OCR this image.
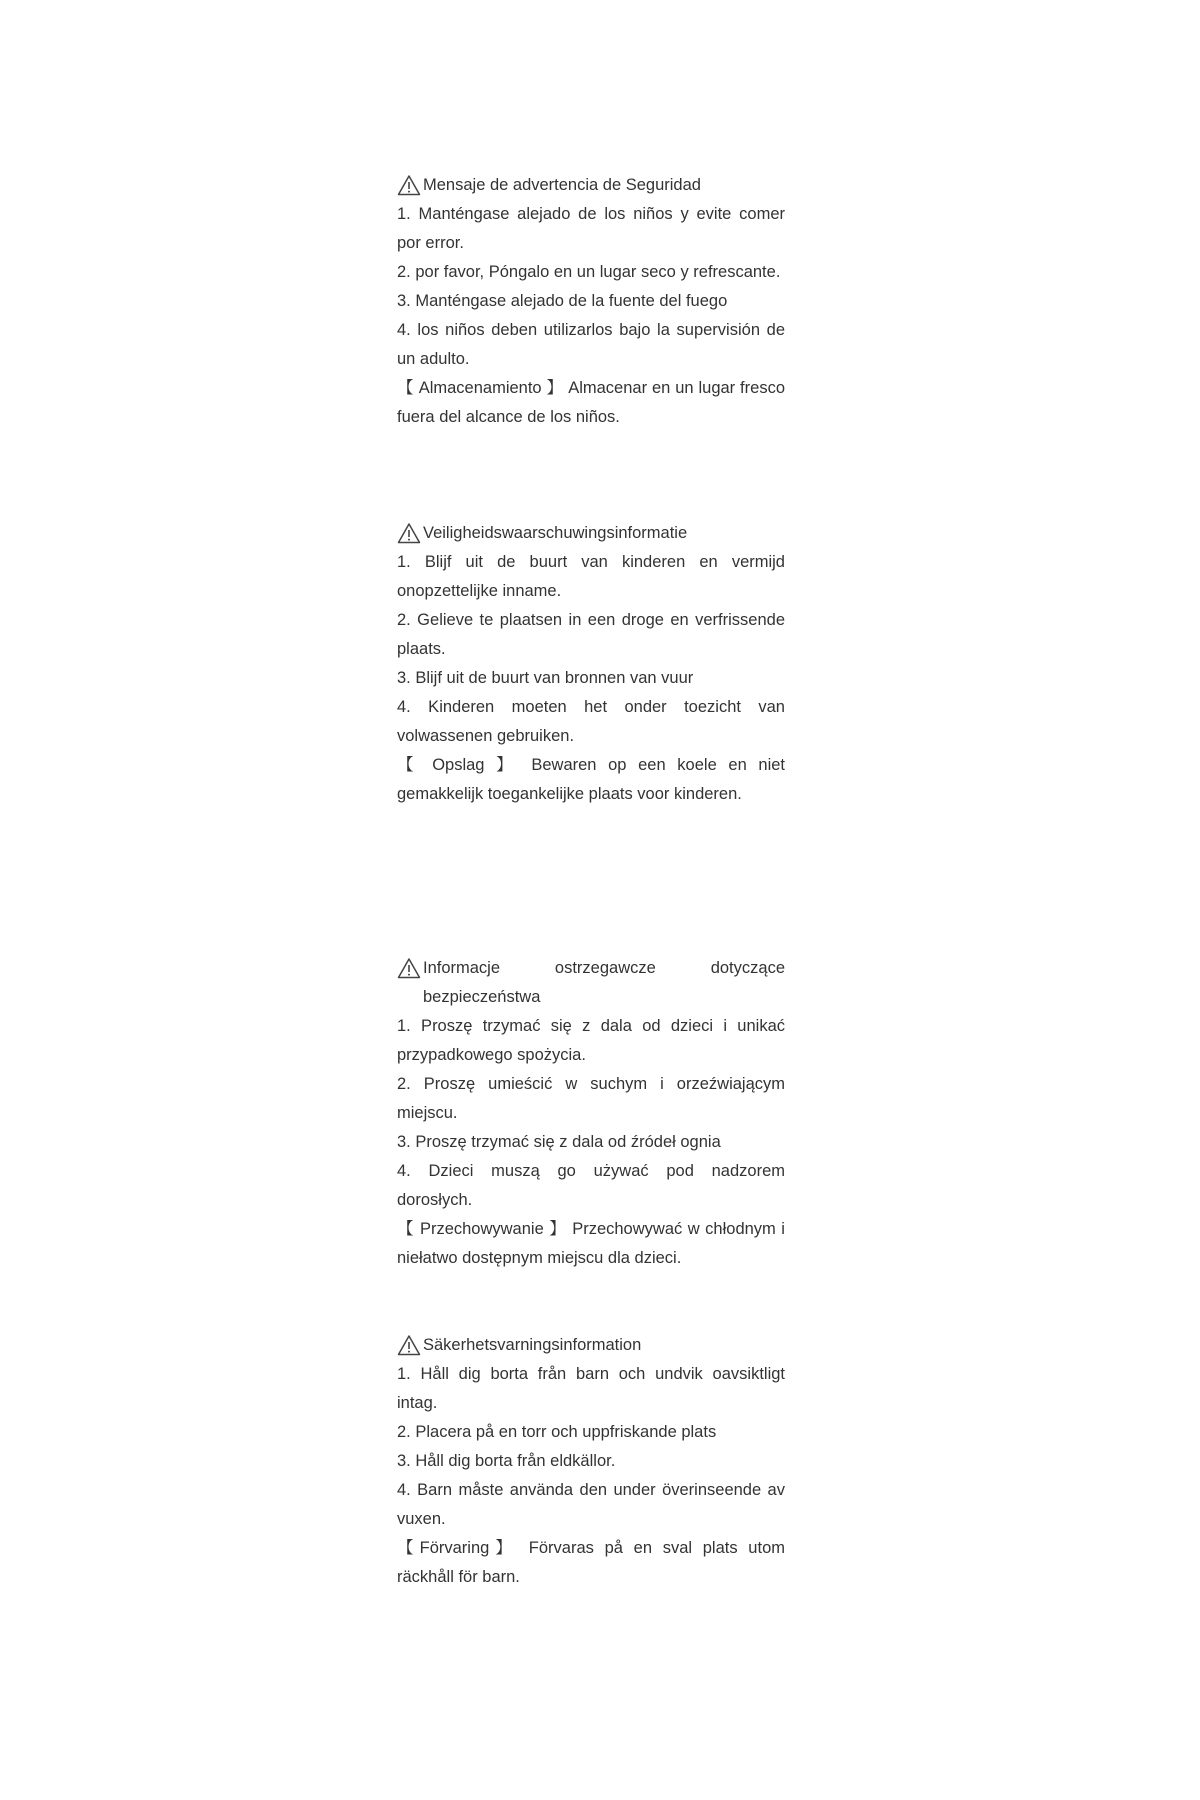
Mensaje de advertencia de Seguridad

1. Manténgase alejado de los niños y evite comer por error.

2. por favor, Póngalo en un lugar seco y refrescante.

3. Manténgase alejado de la fuente del fuego

4. los niños deben utilizarlos bajo la supervisión de un adulto.

【 Almacenamiento 】 Almacenar en un lugar fresco fuera del alcance de los niños.

Veiligheidswaarschuwingsinformatie

1. Blijf uit de buurt van kinderen en vermijd onopzettelijke inname.

2. Gelieve te plaatsen in een droge en verfrissende plaats.

3. Blijf uit de buurt van bronnen van vuur

4. Kinderen moeten het onder toezicht van volwassenen gebruiken.

【 Opslag 】 Bewaren op een koele en niet gemakkelijk toegankelijke plaats voor kinderen.

Informacje ostrzegawcze dotyczące bezpieczeństwa

1. Proszę trzymać się z dala od dzieci i unikać przypadkowego spożycia.

2. Proszę umieścić w suchym i orzeźwiającym miejscu.

3. Proszę trzymać się z dala od źródeł ognia

4. Dzieci muszą go używać pod nadzorem dorosłych.

【 Przechowywanie 】 Przechowywać w chłodnym i niełatwo dostępnym miejscu dla dzieci.

Säkerhetsvarningsinformation

1. Håll dig borta från barn och undvik oavsiktligt intag.

2. Placera på en torr och uppfriskande plats

3. Håll dig borta från eldkällor.

4. Barn måste använda den under överinseende av vuxen.

【Förvaring】 Förvaras på en sval plats utom räckhåll för barn.
